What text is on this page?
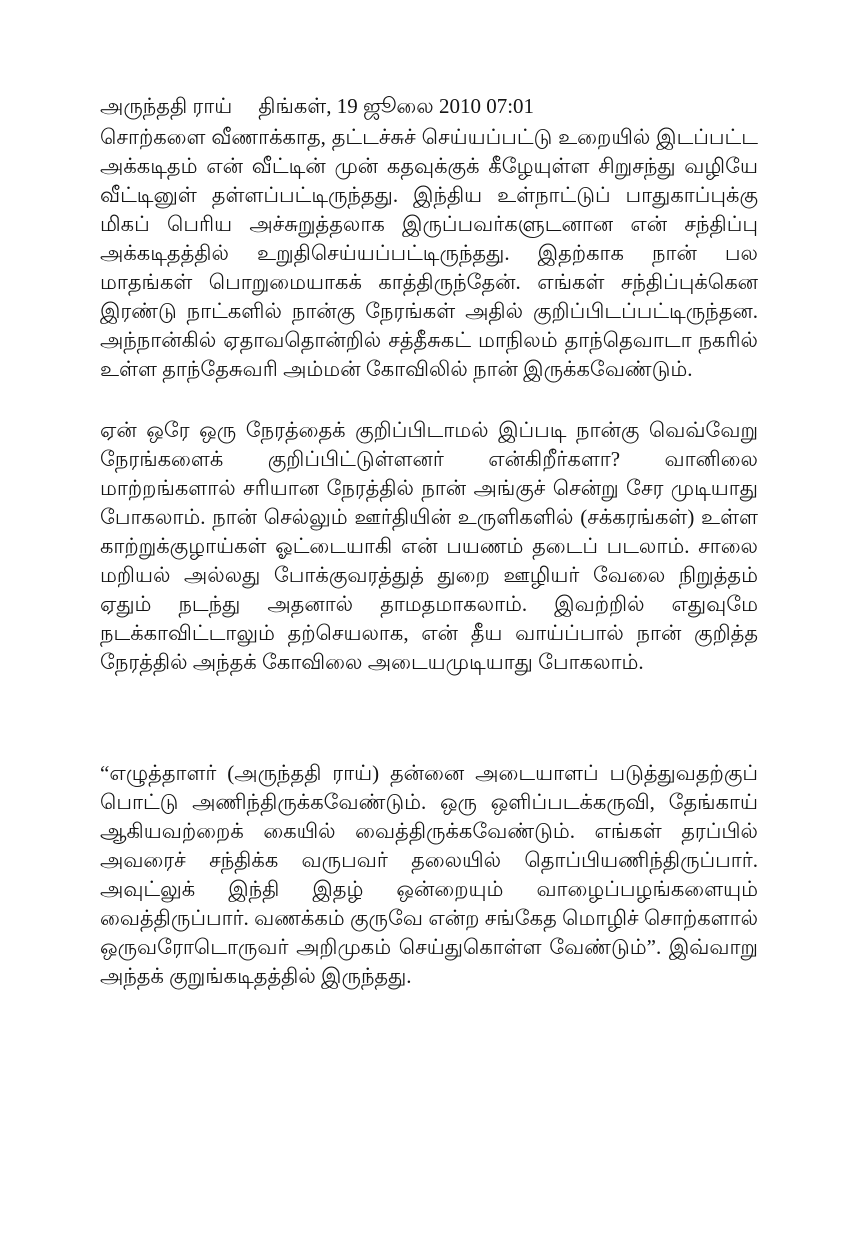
அருந்ததி ராய் திங்கள், 19 ஜூலை 2010 07:01

சொற்களை வீணாக்காத, தட்டச்சுச் செய்யப்பட்டு உறையில் இடப்பட்ட அக்கடிதம் என் வீட்டின் முன் கதவுக்குக் கீழேயுள்ள சிறுசந்து வழியே வீட்டினுள் தள்ளப்பட்டிருந்தது. இந்திய உள்நாட்டுப் பாதுகாப்புக்கு மிகப் பெரிய அச்சுறுத்தலாக இருப்பவர்களுடனான என் சந்திப்பு அக்கடிதத்தில் உறுதிசெய்யப்பட்டிருந்தது. இதற்காக நான் பல மாதங்கள் பொறுமையாகக் காத்திருந்தேன். எங்கள் சந்திப்புக்கென இரண்டு நாட்களில் நான்கு நேரங்கள் அதில் குறிப்பிடப்பட்டிருந்தன. அந்நான்கில் ஏதாவதொன்றில் சத்தீசுகட் மாநிலம் தாந்தெவாடா நகரில் உள்ள தாந்தேசுவரி அம்மன் கோவிலில் நான் இருக்கவேண்டும்.

ஏன் ஒரே ஒரு நேரத்தைக் குறிப்பிடாமல் இப்படி நான்கு வெவ்வேறு நேரங்களைக் குறிப்பிட்டுள்ளனர் என்கிறீர்களா? வானிலை மாற்றங்களால் சரியான நேரத்தில் நான் அங்குச் சென்று சேர முடியாது போகலாம். நான் செல்லும் ஊர்தியின் உருளிகளில் (சக்கரங்கள்) உள்ள காற்றுக்குழாய்கள் ஓட்டையாகி என் பயணம் தடைப் படலாம். சாலை மறியல் அல்லது போக்குவரத்துத் துறை ஊழியர் வேலை நிறுத்தம் ஏதும் நடந்து அதனால் தாமதமாகலாம். இவற்றில் எதுவுமே நடக்காவிட்டாலும் தற்செயலாக, என் தீய வாய்ப்பால் நான் குறித்த நேரத்தில் அந்தக் கோவிலை அடையமுடியாது போகலாம்.

“எழுத்தாளர் (அருந்ததி ராய்) தன்னை அடையாளப் படுத்துவதற்குப் பொட்டு அணிந்திருக்கவேண்டும். ஒரு ஒளிப்படக்கருவி, தேங்காய் ஆகியவற்றைக் கையில் வைத்திருக்கவேண்டும். எங்கள் தரப்பில் அவரைச் சந்திக்க வருபவர் தலையில் தொப்பியணிந்திருப்பார். அவுட்லுக் இந்தி இதழ் ஒன்றையும் வாழைப்பழங்களையும் வைத்திருப்பார். வணக்கம் குருவே என்ற சங்கேத மொழிச் சொற்களால் ஒருவரோடொருவர் அறிமுகம் செய்துகொள்ள வேண்டும்”. இவ்வாறு அந்தக் குறுங்கடிதத்தில் இருந்தது.
